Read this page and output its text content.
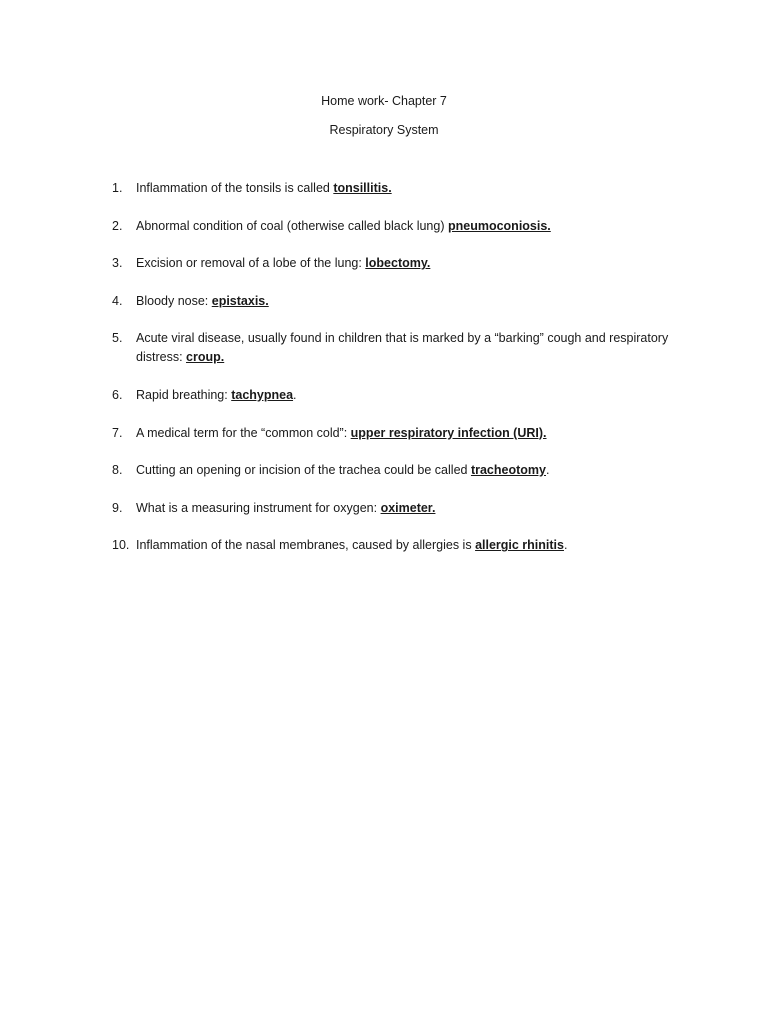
Home work- Chapter 7

Respiratory System

1.	Inflammation of the tonsils is called tonsillitis.
2.	Abnormal condition of coal (otherwise called black lung) pneumoconiosis.
3.	Excision or removal of a lobe of the lung: lobectomy.
4.	Bloody nose: epistaxis.
5.	Acute viral disease, usually found in children that is marked by a “barking” cough and respiratory distress: croup.
6.	Rapid breathing: tachypnea.
7.	A medical term for the “common cold”: upper respiratory infection (URI).
8.	Cutting an opening or incision of the trachea could be called tracheotomy.
9.	What is a measuring instrument for oxygen: oximeter.
10. Inflammation of the nasal membranes, caused by allergies is allergic rhinitis.
